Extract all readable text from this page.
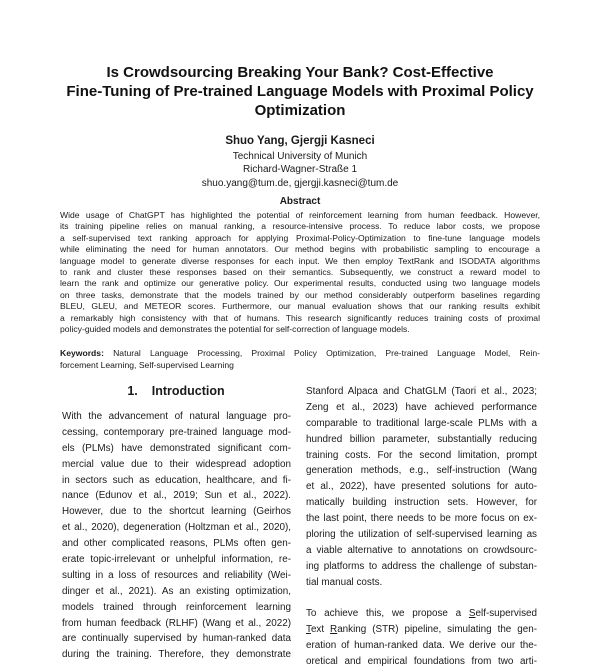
Is Crowdsourcing Breaking Your Bank? Cost-Effective
Fine-Tuning of Pre-trained Language Models with Proximal Policy
Optimization
Shuo Yang, Gjergji Kasneci
Technical University of Munich
Richard-Wagner-Straße 1
shuo.yang@tum.de, gjergji.kasneci@tum.de
Abstract
Wide usage of ChatGPT has highlighted the potential of reinforcement learning from human feedback. However,
its training pipeline relies on manual ranking, a resource-intensive process. To reduce labor costs, we propose
a self-supervised text ranking approach for applying Proximal-Policy-Optimization to fine-tune language models
while eliminating the need for human annotators. Our method begins with probabilistic sampling to encourage a
language model to generate diverse responses for each input. We then employ TextRank and ISODATA algorithms
to rank and cluster these responses based on their semantics. Subsequently, we construct a reward model to
learn the rank and optimize our generative policy. Our experimental results, conducted using two language models
on three tasks, demonstrate that the models trained by our method considerably outperform baselines regarding
BLEU, GLEU, and METEOR scores. Furthermore, our manual evaluation shows that our ranking results exhibit
a remarkably high consistency with that of humans. This research significantly reduces training costs of proximal
policy-guided models and demonstrates the potential for self-correction of language models.
Keywords: Natural Language Processing, Proximal Policy Optimization, Pre-trained Language Model, Rein-
forcement Learning, Self-supervised Learning
1. Introduction
With the advancement of natural language pro-
cessing, contemporary pre-trained language mod-
els (PLMs) have demonstrated significant com-
mercial value due to their widespread adoption
in sectors such as education, healthcare, and fi-
nance (Edunov et al., 2019; Sun et al., 2022).
However, due to the shortcut learning (Geirhos
et al., 2020), degeneration (Holtzman et al., 2020),
and other complicated reasons, PLMs often gen-
erate topic-irrelevant or unhelpful information, re-
sulting in a loss of resources and reliability (Wei-
dinger et al., 2021). As an existing optimization,
models trained through reinforcement learning
from human feedback (RLHF) (Wang et al., 2022)
are continually supervised by human-ranked data
during the training. Therefore, they demonstrate
Stanford Alpaca and ChatGLM (Taori et al., 2023;
Zeng et al., 2023) have achieved performance
comparable to traditional large-scale PLMs with a
hundred billion parameter, substantially reducing
training costs. For the second limitation, prompt
generation methods, e.g., self-instruction (Wang
et al., 2022), have presented solutions for auto-
matically building instruction sets. However, for
the last point, there needs to be more focus on ex-
ploring the utilization of self-supervised learning as
a viable alternative to annotations on crowdsourc-
ing platforms to address the challenge of substan-
tial manual costs.
To achieve this, we propose a Self-supervised
Text Ranking (STR) pipeline, simulating the gen-
eration of human-ranked data. We derive our the-
oretical and empirical foundations from two arti-
